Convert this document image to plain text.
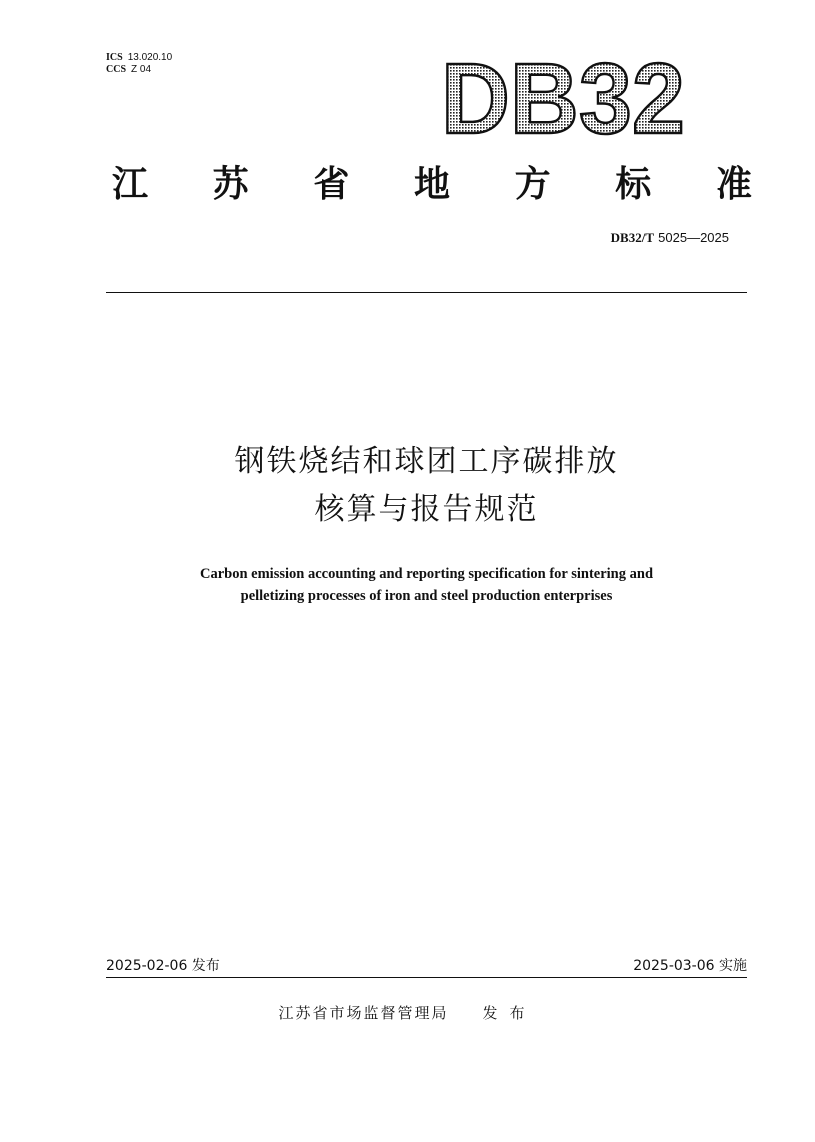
ICS 13.020.10
CCS Z 04	DB32
江 苏 省 地 方 标 准
DB32/T 5025—2025
钢铁烧结和球团工序碳排放
核算与报告规范
Carbon emission accounting and reporting specification for sintering and
pelletizing processes of iron and steel production enterprises
2025-02-06 发布	2025-03-06 实施
江苏省市场监督管理局 发布
